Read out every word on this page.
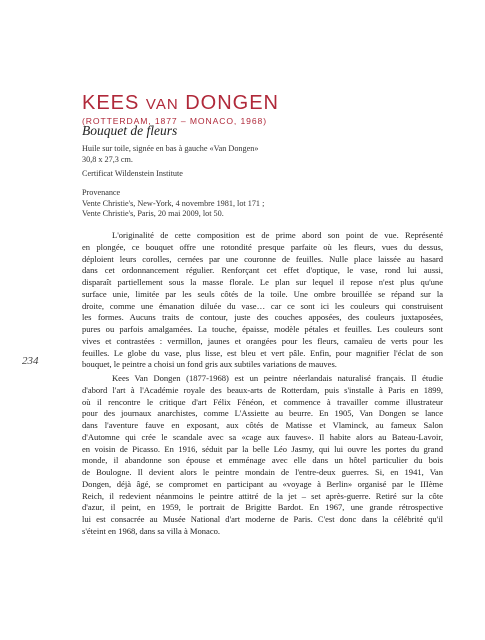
KEES VAN DONGEN
(ROTTERDAM, 1877 – MONACO, 1968)
Bouquet de fleurs
Huile sur toile, signée en bas à gauche «Van Dongen»
30,8 x 27,3 cm.
Certificat Wildenstein Institute
Provenance
Vente Christie's, New-York, 4 novembre 1981, lot 171 ;
Vente Christie's, Paris, 20 mai 2009, lot 50.
234
L'originalité de cette composition est de prime abord son point de vue. Représenté
en plongée, ce bouquet offre une rotondité presque parfaite où les fleurs, vues du dessus,
déploient leurs corolles, cernées par une couronne de feuilles. Nulle place laissée au hasard
dans cet ordonnancement régulier. Renforçant cet effet d'optique, le vase, rond lui aussi,
disparaît partiellement sous la masse florale. Le plan sur lequel il repose n'est plus qu'une
surface unie, limitée par les seuls côtés de la toile. Une ombre brouillée se répand sur la
droite, comme une émanation diluée du vase… car ce sont ici les couleurs qui construisent
les formes. Aucuns traits de contour, juste des couches apposées, des couleurs juxtaposées,
pures ou parfois amalgamées. La touche, épaisse, modèle pétales et feuilles. Les couleurs sont
vives et contrastées : vermillon, jaunes et orangées pour les fleurs, camaïeu de verts pour les
feuilles. Le globe du vase, plus lisse, est bleu et vert pâle. Enfin, pour magnifier l'éclat de son
bouquet, le peintre a choisi un fond gris aux subtiles variations de mauves.
Kees Van Dongen (1877-1968) est un peintre néerlandais naturalisé français. Il étudie
d'abord l'art à l'Académie royale des beaux-arts de Rotterdam, puis s'installe à Paris en 1899,
où il rencontre le critique d'art Félix Fénéon, et commence à travailler comme illustrateur
pour des journaux anarchistes, comme L'Assiette au beurre. En 1905, Van Dongen se lance
dans l'aventure fauve en exposant, aux côtés de Matisse et Vlaminck, au fameux Salon
d'Automne qui crée le scandale avec sa «cage aux fauves». Il habite alors au Bateau-Lavoir,
en voisin de Picasso. En 1916, séduit par la belle Léo Jasmy, qui lui ouvre les portes du grand
monde, il abandonne son épouse et emménage avec elle dans un hôtel particulier du bois
de Boulogne. Il devient alors le peintre mondain de l'entre-deux guerres. Si, en 1941, Van
Dongen, déjà âgé, se compromet en participant au «voyage à Berlin» organisé par le IIIème
Reich, il redevient néanmoins le peintre attitré de la jet – set après-guerre. Retiré sur la côte
d'azur, il peint, en 1959, le portrait de Brigitte Bardot. En 1967, une grande rétrospective
lui est consacrée au Musée National d'art moderne de Paris. C'est donc dans la célébrité qu'il
s'éteint en 1968, dans sa villa à Monaco.
